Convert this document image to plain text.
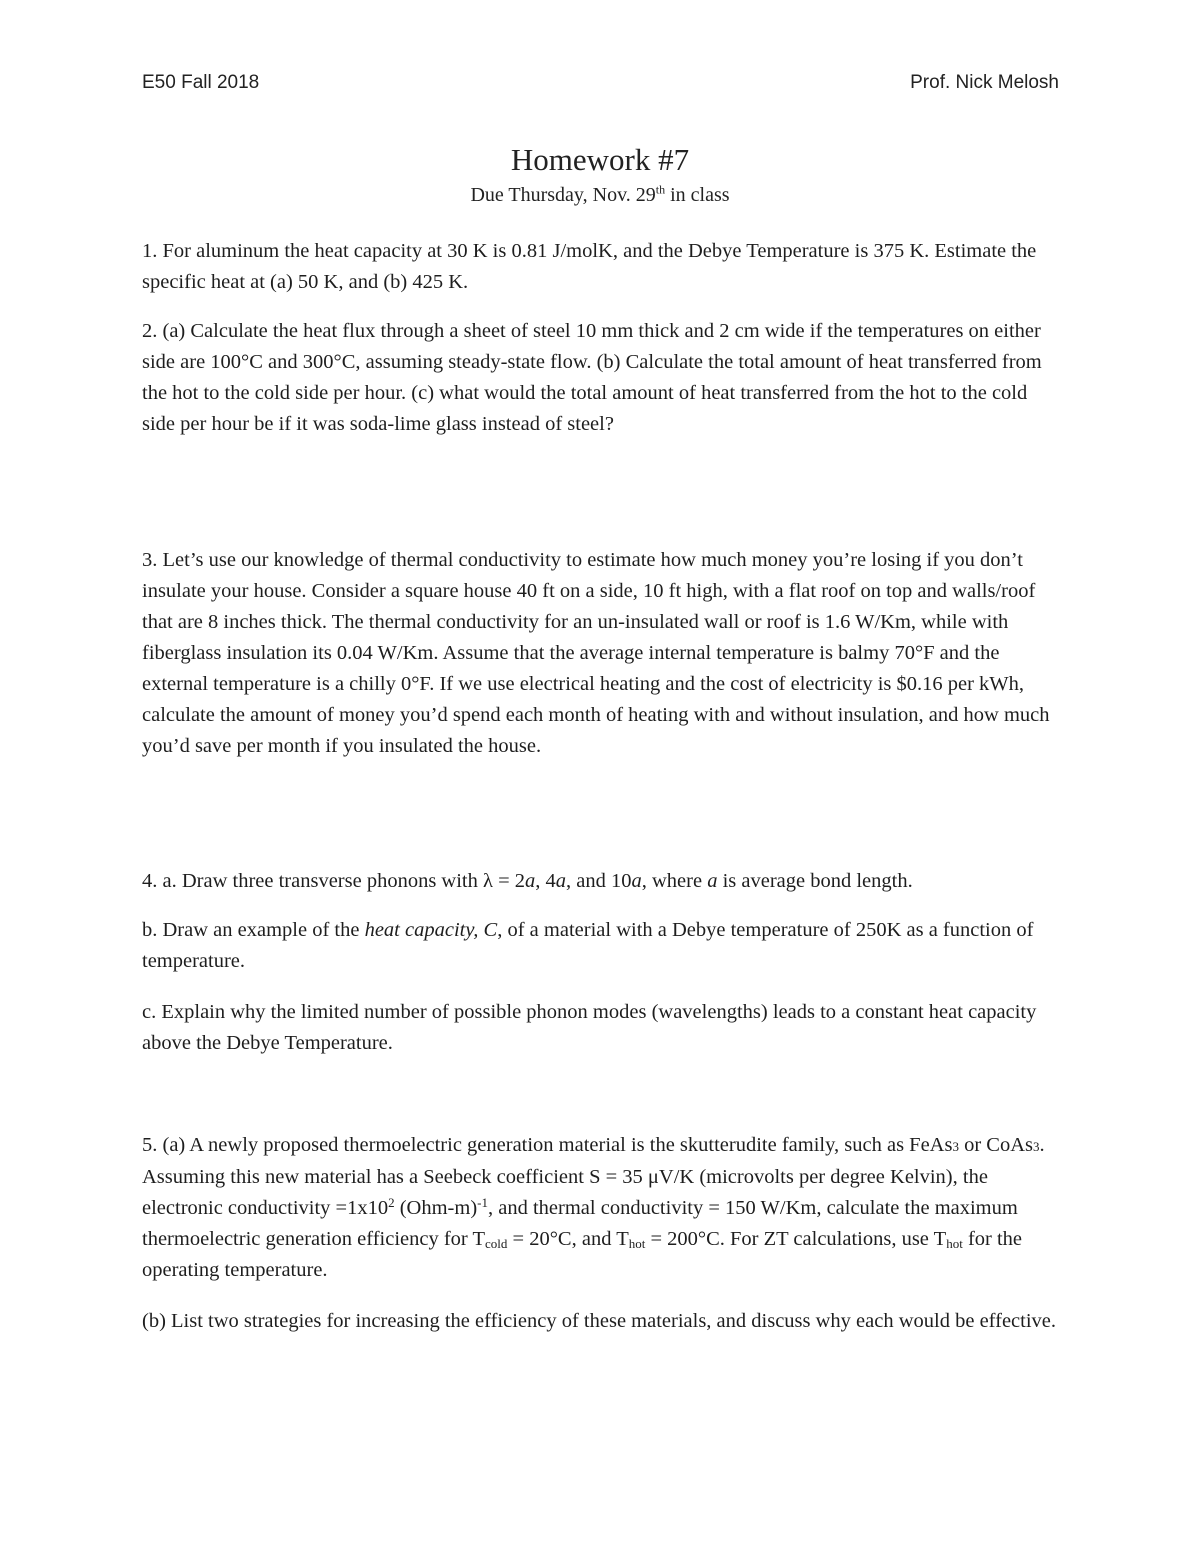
E50 Fall 2018	Prof. Nick Melosh
Homework #7
Due Thursday, Nov. 29th in class

1. For aluminum the heat capacity at 30 K is 0.81 J/molK, and the Debye Temperature is 375 K. Estimate the specific heat at (a) 50 K, and (b) 425 K.

2. (a) Calculate the heat flux through a sheet of steel 10 mm thick and 2 cm wide if the temperatures on either side are 100°C and 300°C, assuming steady-state flow. (b) Calculate the total amount of heat transferred from the hot to the cold side per hour. (c) what would the total amount of heat transferred from the hot to the cold side per hour be if it was soda-lime glass instead of steel?

3. Let’s use our knowledge of thermal conductivity to estimate how much money you’re losing if you don’t insulate your house. Consider a square house 40 ft on a side, 10 ft high, with a flat roof on top and walls/roof that are 8 inches thick. The thermal conductivity for an un-insulated wall or roof is 1.6 W/Km, while with fiberglass insulation its 0.04 W/Km. Assume that the average internal temperature is balmy 70°F and the external temperature is a chilly 0°F. If we use electrical heating and the cost of electricity is $0.16 per kWh, calculate the amount of money you’d spend each month of heating with and without insulation, and how much you’d save per month if you insulated the house.

4. a. Draw three transverse phonons with λ = 2a, 4a, and 10a, where a is average bond length.

b. Draw an example of the heat capacity, C, of a material with a Debye temperature of 250K as a function of temperature.

c. Explain why the limited number of possible phonon modes (wavelengths) leads to a constant heat capacity above the Debye Temperature.

5. (a) A newly proposed thermoelectric generation material is the skutterudite family, such as FeAs3 or CoAs3. Assuming this new material has a Seebeck coefficient S = 35 μV/K (microvolts per degree Kelvin), the electronic conductivity $=1x10^2$ $(Ohm-m)^{-1}$, and thermal conductivity = 150 W/Km, calculate the maximum thermoelectric generation efficiency for $T_{cold} = 20^\circ C$, and $T_{hot} = 200^\circ C$. For ZT calculations, use $T_{hot}$ for the operating temperature.

(b) List two strategies for increasing the efficiency of these materials, and discuss why each would be effective.
